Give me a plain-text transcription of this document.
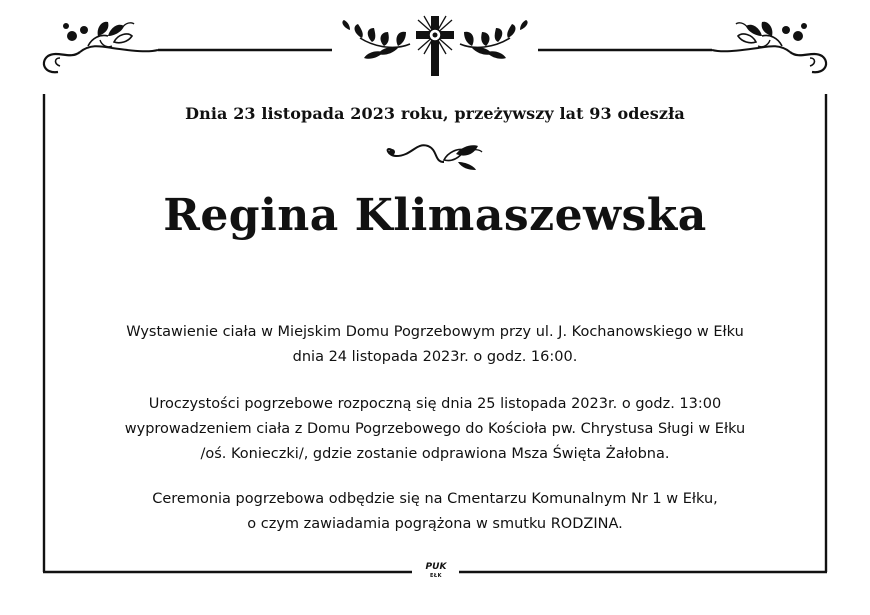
Dnia 23 listopada 2023 roku, przeżywszy lat 93 odeszła
Regina Klimaszewska
Wystawienie ciała w Miejskim Domu Pogrzebowym przy ul. J. Kochanowskiego w Ełku
dnia 24 listopada 2023r. o godz. 16:00.
Uroczystości pogrzebowe rozpoczną się dnia 25 listopada 2023r. o godz. 13:00
wyprowadzeniem ciała z Domu Pogrzebowego do Kościoła pw. Chrystusa Sługi w Ełku
/oś. Konieczki/, gdzie zostanie odprawiona Msza Święta Żałobna.
Ceremonia pogrzebowa odbędzie się na Cmentarzu Komunalnym Nr 1 w Ełku,
o czym zawiadamia pogrążona w smutku RODZINA.
PUK
EŁK
